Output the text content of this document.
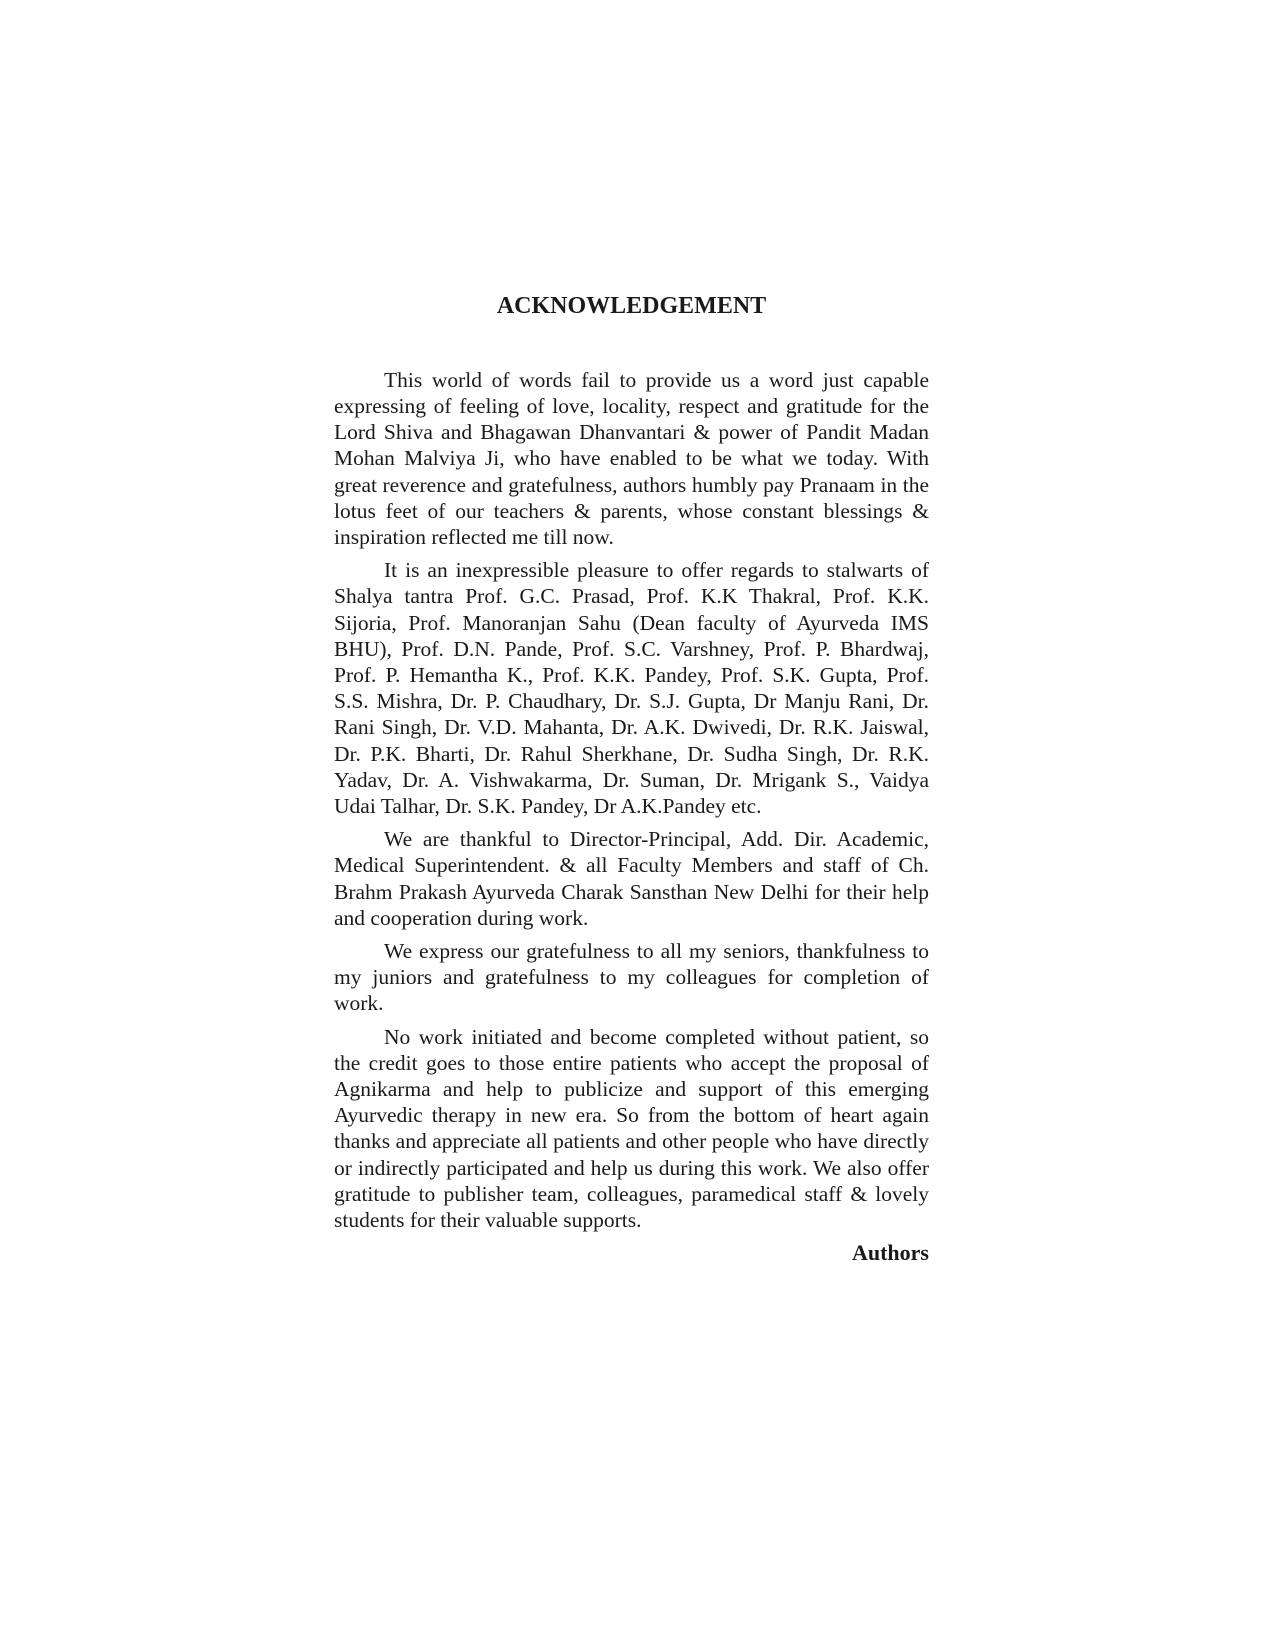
ACKNOWLEDGEMENT

This world of words fail to provide us a word just capable expressing of feeling of love, locality, respect and gratitude for the Lord Shiva and Bhagawan Dhanvantari & power of Pandit Madan Mohan Malviya Ji, who have enabled to be what we today. With great reverence and gratefulness, authors humbly pay Pranaam in the lotus feet of our teachers & parents, whose constant blessings & inspiration reflected me till now.

It is an inexpressible pleasure to offer regards to stalwarts of Shalya tantra Prof. G.C. Prasad, Prof. K.K Thakral, Prof. K.K. Sijoria, Prof. Manoranjan Sahu (Dean faculty of Ayurveda IMS BHU), Prof. D.N. Pande, Prof. S.C. Varshney, Prof. P. Bhardwaj, Prof. P. Hemantha K., Prof. K.K. Pandey, Prof. S.K. Gupta, Prof. S.S. Mishra, Dr. P. Chaudhary, Dr. S.J. Gupta, Dr Manju Rani, Dr. Rani Singh, Dr. V.D. Mahanta, Dr. A.K. Dwivedi, Dr. R.K. Jaiswal, Dr. P.K. Bharti, Dr. Rahul Sherkhane, Dr. Sudha Singh, Dr. R.K. Yadav, Dr. A. Vishwakarma, Dr. Suman, Dr. Mrigank S., Vaidya Udai Talhar, Dr. S.K. Pandey, Dr A.K.Pandey etc.

We are thankful to Director-Principal, Add. Dir. Academic, Medical Superintendent. & all Faculty Members and staff of Ch. Brahm Prakash Ayurveda Charak Sansthan New Delhi for their help and cooperation during work.

We express our gratefulness to all my seniors, thankfulness to my juniors and gratefulness to my colleagues for completion of work.

No work initiated and become completed without patient, so the credit goes to those entire patients who accept the proposal of Agnikarma and help to publicize and support of this emerging Ayurvedic therapy in new era. So from the bottom of heart again thanks and appreciate all patients and other people who have directly or indirectly participated and help us during this work. We also offer gratitude to publisher team, colleagues, paramedical staff & lovely students for their valuable supports.

Authors
